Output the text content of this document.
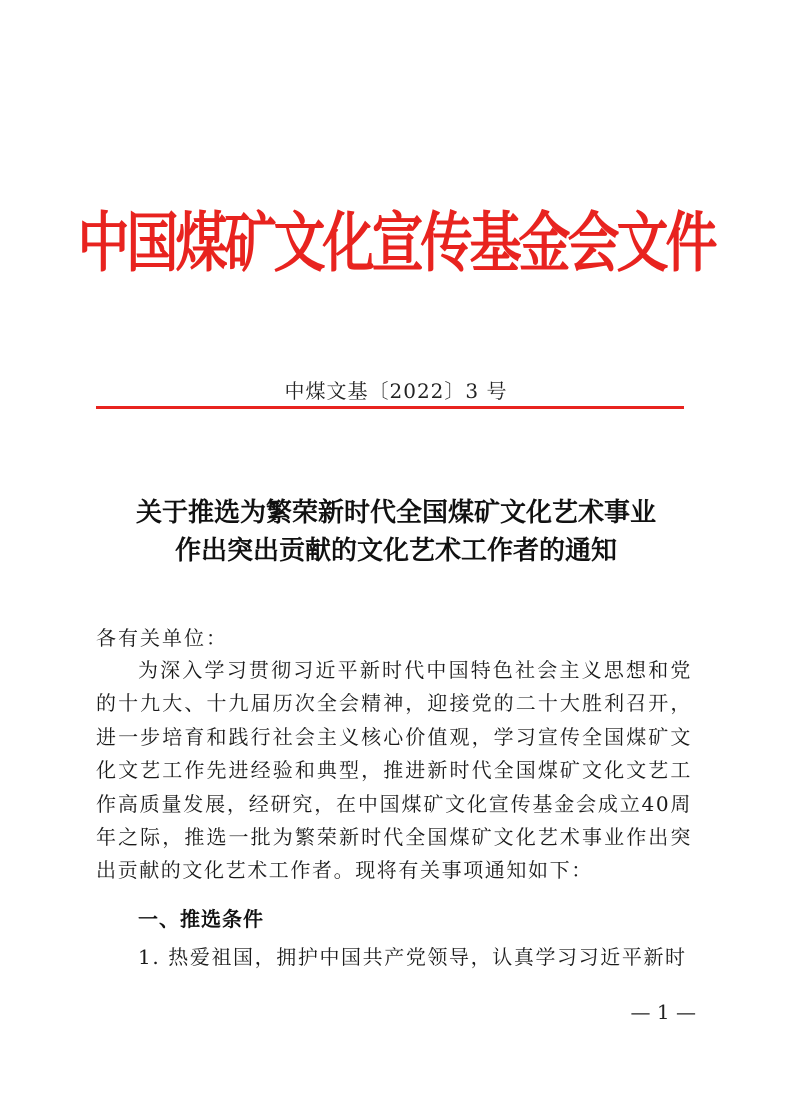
中国煤矿文化宣传基金会文件
中煤文基〔2022〕3 号
关于推选为繁荣新时代全国煤矿文化艺术事业
作出突出贡献的文化艺术工作者的通知
各有关单位：
为深入学习贯彻习近平新时代中国特色社会主义思想和党的十九大、十九届历次全会精神，迎接党的二十大胜利召开，进一步培育和践行社会主义核心价值观，学习宣传全国煤矿文化文艺工作先进经验和典型，推进新时代全国煤矿文化文艺工作高质量发展，经研究，在中国煤矿文化宣传基金会成立40周年之际，推选一批为繁荣新时代全国煤矿文化艺术事业作出突出贡献的文化艺术工作者。现将有关事项通知如下：
一、推选条件
1. 热爱祖国，拥护中国共产党领导，认真学习习近平新时
— 1 —
